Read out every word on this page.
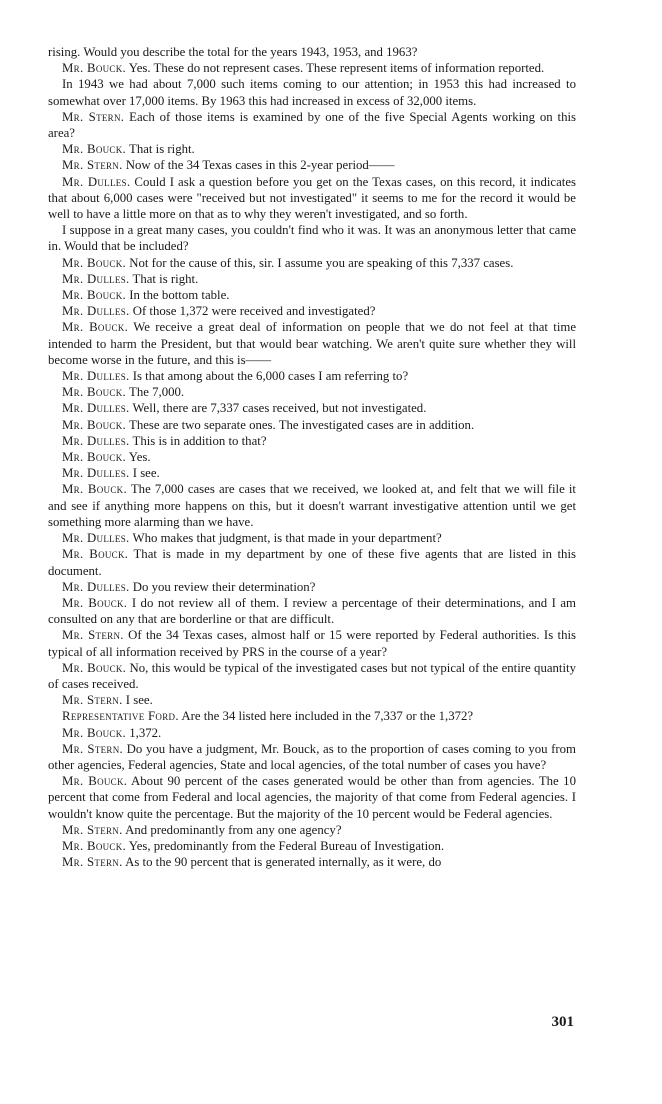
rising. Would you describe the total for the years 1943, 1953, and 1963?

Mr. Bouck. Yes. These do not represent cases. These represent items of information reported.

In 1943 we had about 7,000 such items coming to our attention; in 1953 this had increased to somewhat over 17,000 items. By 1963 this had increased in excess of 32,000 items.

Mr. Stern. Each of those items is examined by one of the five Special Agents working on this area?

Mr. Bouck. That is right.

Mr. Stern. Now of the 34 Texas cases in this 2-year period——

Mr. Dulles. Could I ask a question before you get on the Texas cases, on this record, it indicates that about 6,000 cases were "received but not investigated" it seems to me for the record it would be well to have a little more on that as to why they weren't investigated, and so forth.

I suppose in a great many cases, you couldn't find who it was. It was an anonymous letter that came in. Would that be included?

Mr. Bouck. Not for the cause of this, sir. I assume you are speaking of this 7,337 cases.

Mr. Dulles. That is right.

Mr. Bouck. In the bottom table.

Mr. Dulles. Of those 1,372 were received and investigated?

Mr. Bouck. We receive a great deal of information on people that we do not feel at that time intended to harm the President, but that would bear watching. We aren't quite sure whether they will become worse in the future, and this is——

Mr. Dulles. Is that among about the 6,000 cases I am referring to?

Mr. Bouck. The 7,000.

Mr. Dulles. Well, there are 7,337 cases received, but not investigated.

Mr. Bouck. These are two separate ones. The investigated cases are in addition.

Mr. Dulles. This is in addition to that?

Mr. Bouck. Yes.

Mr. Dulles. I see.

Mr. Bouck. The 7,000 cases are cases that we received, we looked at, and felt that we will file it and see if anything more happens on this, but it doesn't warrant investigative attention until we get something more alarming than we have.

Mr. Dulles. Who makes that judgment, is that made in your department?

Mr. Bouck. That is made in my department by one of these five agents that are listed in this document.

Mr. Dulles. Do you review their determination?

Mr. Bouck. I do not review all of them. I review a percentage of their determinations, and I am consulted on any that are borderline or that are difficult.

Mr. Stern. Of the 34 Texas cases, almost half or 15 were reported by Federal authorities. Is this typical of all information received by PRS in the course of a year?

Mr. Bouck. No, this would be typical of the investigated cases but not typical of the entire quantity of cases received.

Mr. Stern. I see.

Representative Ford. Are the 34 listed here included in the 7,337 or the 1,372?

Mr. Bouck. 1,372.

Mr. Stern. Do you have a judgment, Mr. Bouck, as to the proportion of cases coming to you from other agencies, Federal agencies, State and local agencies, of the total number of cases you have?

Mr. Bouck. About 90 percent of the cases generated would be other than from agencies. The 10 percent that come from Federal and local agencies, the majority of that come from Federal agencies. I wouldn't know quite the percentage. But the majority of the 10 percent would be Federal agencies.

Mr. Stern. And predominantly from any one agency?

Mr. Bouck. Yes, predominantly from the Federal Bureau of Investigation.

Mr. Stern. As to the 90 percent that is generated internally, as it were, do

301
